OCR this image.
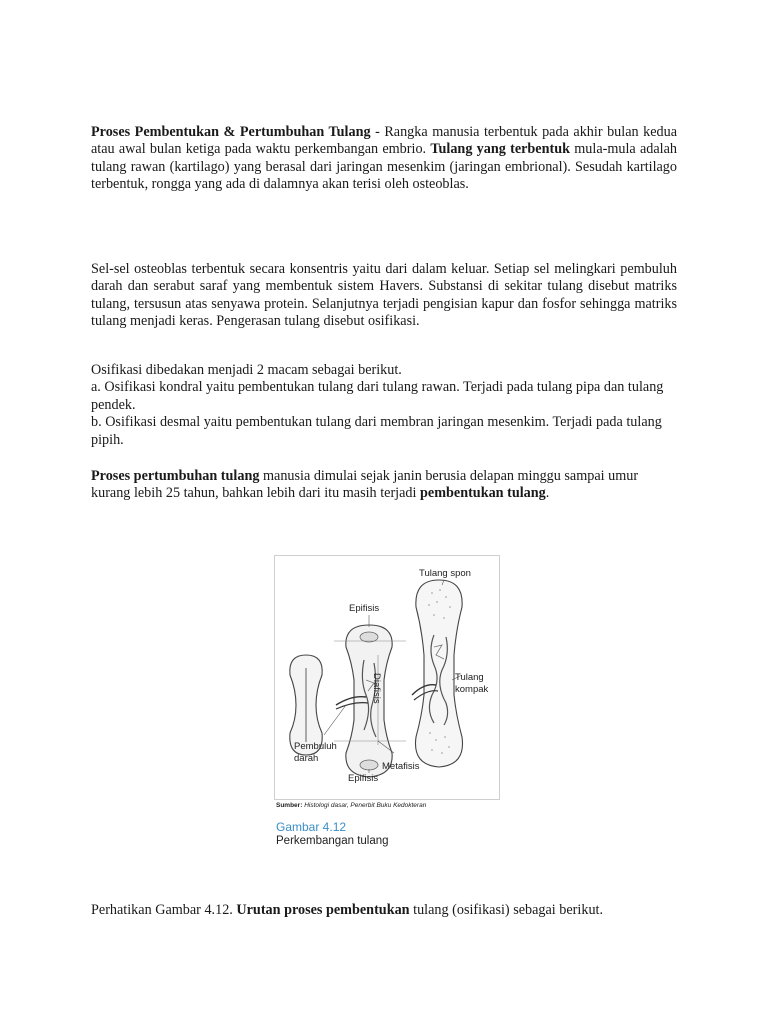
Proses Pembentukan & Pertumbuhan Tulang - Rangka manusia terbentuk pada akhir bulan kedua atau awal bulan ketiga pada waktu perkembangan embrio. Tulang yang terbentuk mula-mula adalah tulang rawan (kartilago) yang berasal dari jaringan mesenkim (jaringan embrional). Sesudah kartilago terbentuk, rongga yang ada di dalamnya akan terisi oleh osteoblas.

Sel-sel osteoblas terbentuk secara konsentris yaitu dari dalam keluar. Setiap sel melingkari pembuluh darah dan serabut saraf yang membentuk sistem Havers. Substansi di sekitar tulang disebut matriks tulang, tersusun atas senyawa protein. Selanjutnya terjadi pengisian kapur dan fosfor sehingga matriks tulang menjadi keras. Pengerasan tulang disebut osifikasi.

Osifikasi dibedakan menjadi 2 macam sebagai berikut.
a. Osifikasi kondral yaitu pembentukan tulang dari tulang rawan. Terjadi pada tulang pipa dan tulang pendek.
b. Osifikasi desmal yaitu pembentukan tulang dari membran jaringan mesenkim. Terjadi pada tulang pipih.

Proses pertumbuhan tulang manusia dimulai sejak janin berusia delapan minggu sampai umur kurang lebih 25 tahun, bahkan lebih dari itu masih terjadi pembentukan tulang.

Tulang spon
Epifisis
Diafisis	Tulang
kompak
Pembuluh
darah
Metafisis
Epifisis
Sumber: Histologi dasar, Penerbit Buku Kedokteran
Gambar 4.12
Perkembangan tulang

Perhatikan Gambar 4.12. Urutan proses pembentukan tulang (osifikasi) sebagai berikut.
